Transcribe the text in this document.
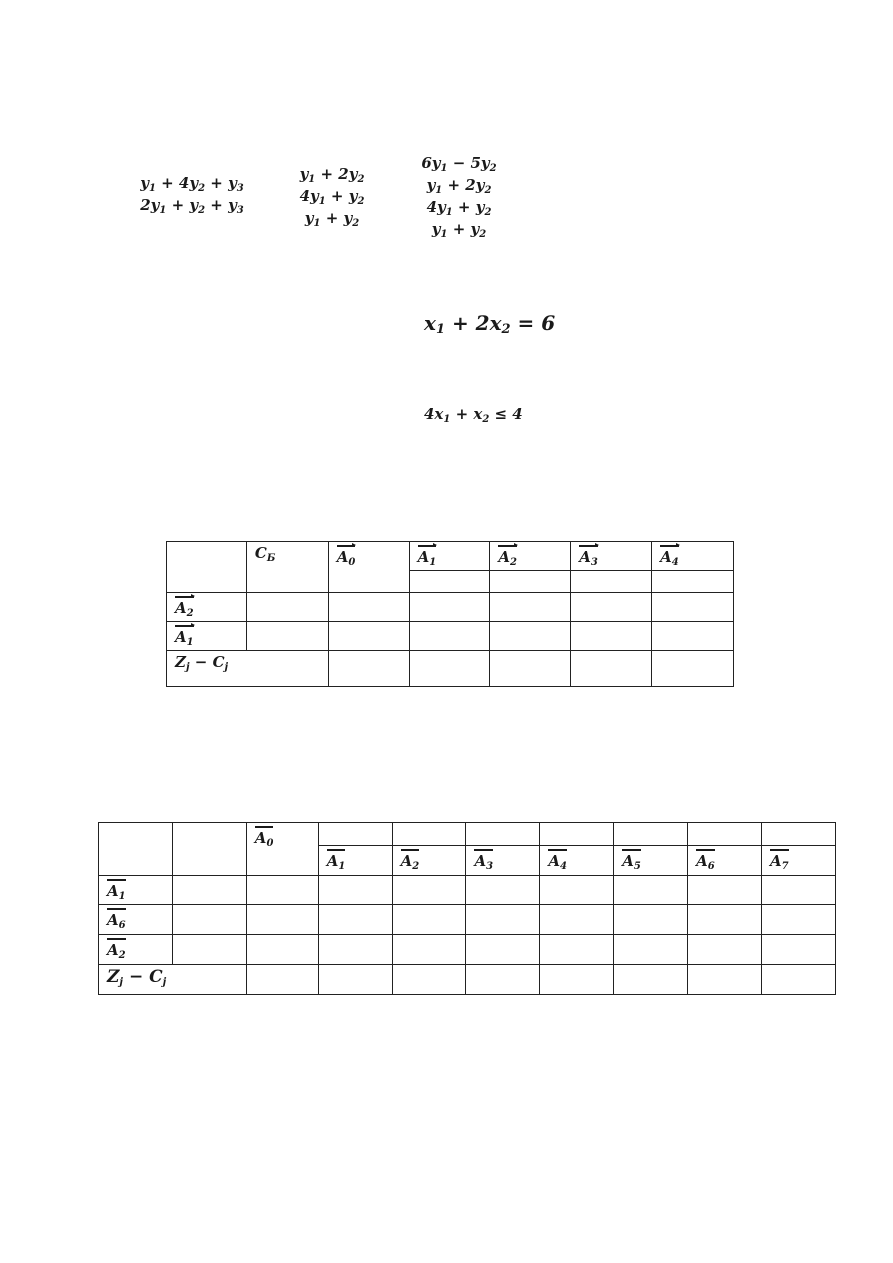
$y_1 + 4y_2 + y_3$
$2y_1 + y_2 + y_3$
$y_1 + 2y_2$
$4y_1 + y_2$
$y_1 + y_2$
$6y_1 - 5y_2$
$y_1 + 2y_2$
$4y_1 + y_2$
$y_1 + y_2$
$x_1 + 2x_2 = 6$
$4x_1 + x_2 \le 4$
	$C_Б$	$A_0$	$A_1$	$A_2$	$A_3$	$A_4$

$A_2$						
$A_1$						
$Z_j - C_j$					
		$A_0$							
			$A_1$	$A_2$	$A_3$	$A_4$	$A_5$	$A_6$	$A_7$
$A_1$									
$A_6$									
$A_2$									
$Z_j - C_j$								
